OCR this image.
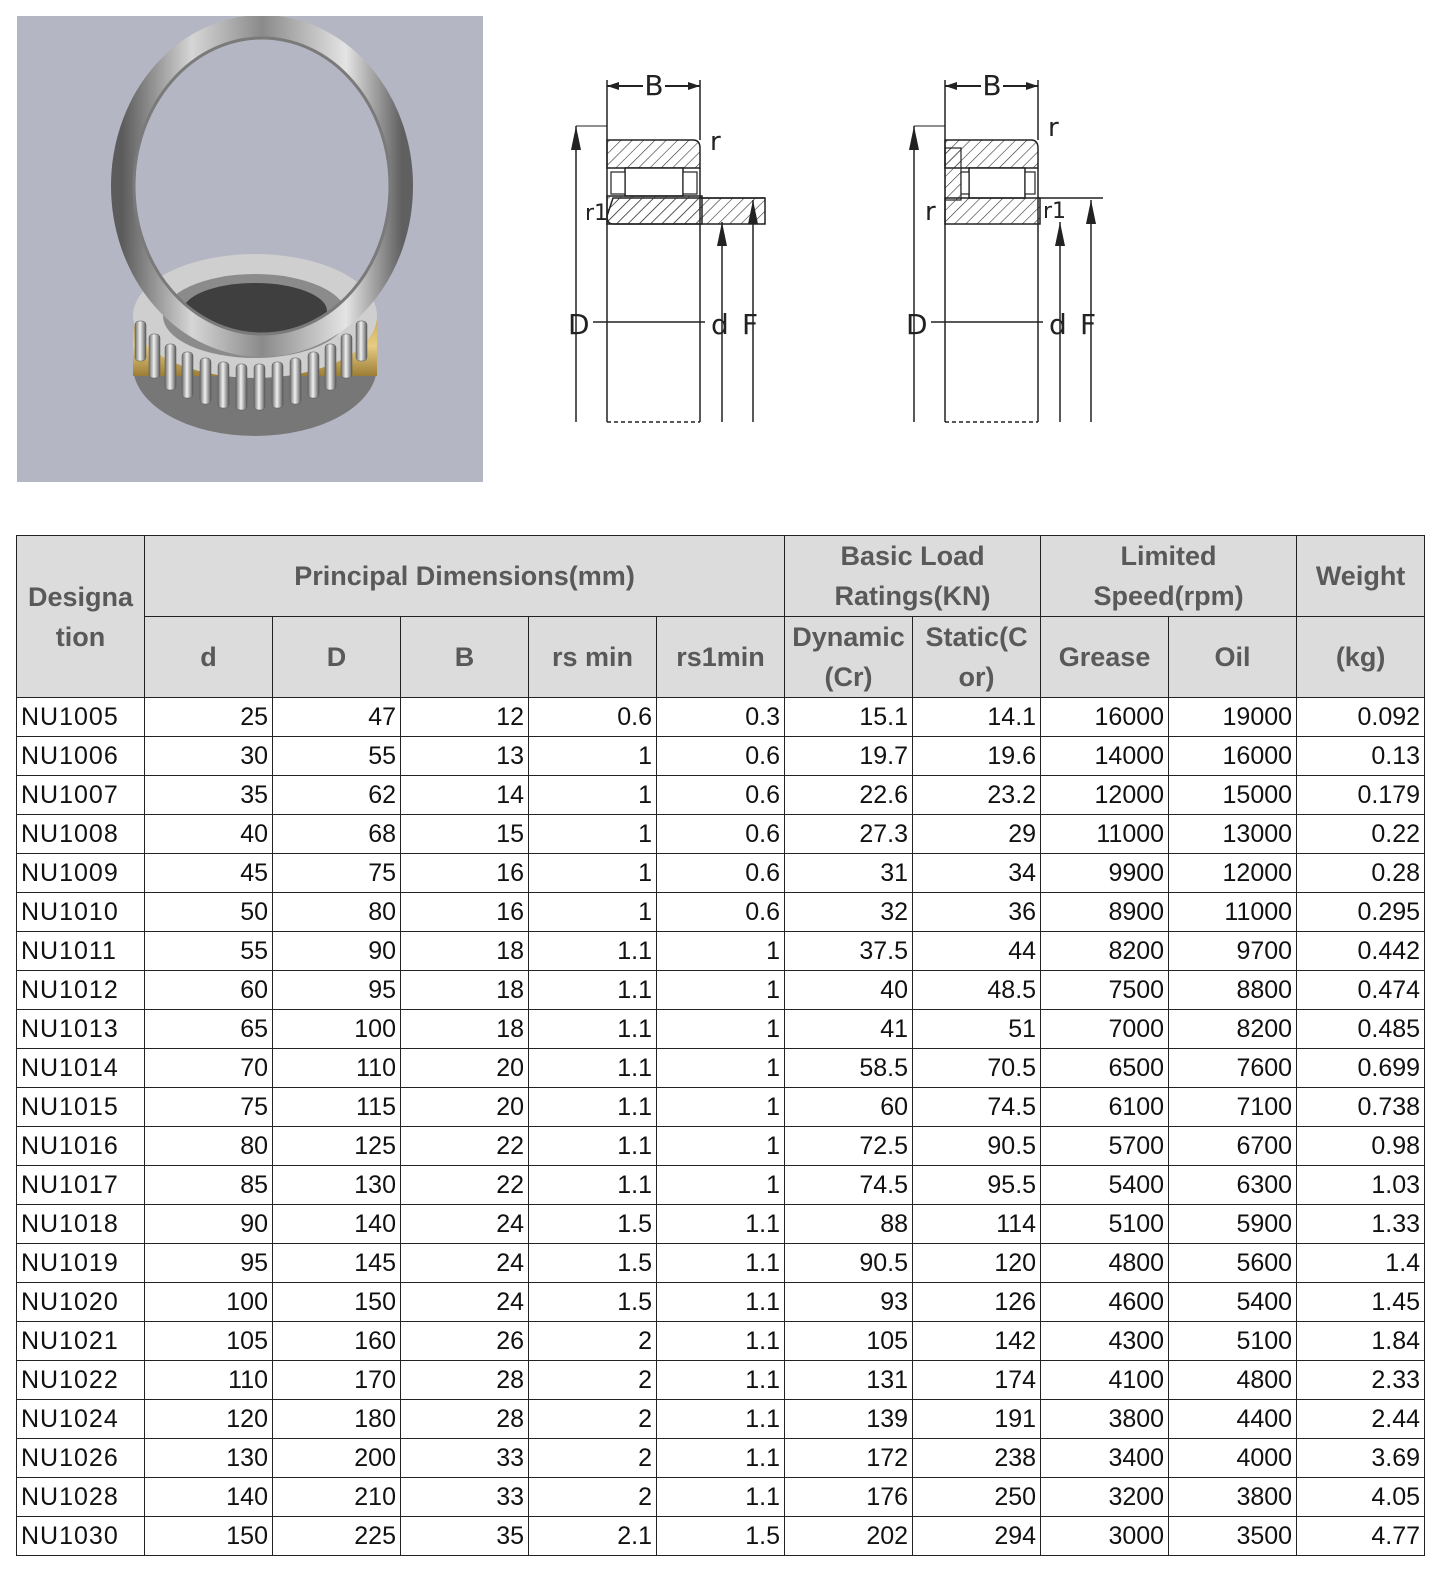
B
r
r1
D	d F
B
r
r	r1
D	d F
Designa tion	Principal Dimensions(mm)					Basic Load Ratings(KN)		Limited Speed(rpm)		Weight
	d	D	B	rs min	rs1min	Dynamic (Cr)	Static(C or)	Grease	Oil	(kg)
NU1005	25	47	12	0.6	0.3	15.1	14.1	16000	19000	0.092
NU1006	30	55	13	1	0.6	19.7	19.6	14000	16000	0.13
NU1007	35	62	14	1	0.6	22.6	23.2	12000	15000	0.179
NU1008	40	68	15	1	0.6	27.3	29	11000	13000	0.22
NU1009	45	75	16	1	0.6	31	34	9900	12000	0.28
NU1010	50	80	16	1	0.6	32	36	8900	11000	0.295
NU1011	55	90	18	1.1	1	37.5	44	8200	9700	0.442
NU1012	60	95	18	1.1	1	40	48.5	7500	8800	0.474
NU1013	65	100	18	1.1	1	41	51	7000	8200	0.485
NU1014	70	110	20	1.1	1	58.5	70.5	6500	7600	0.699
NU1015	75	115	20	1.1	1	60	74.5	6100	7100	0.738
NU1016	80	125	22	1.1	1	72.5	90.5	5700	6700	0.98
NU1017	85	130	22	1.1	1	74.5	95.5	5400	6300	1.03
NU1018	90	140	24	1.5	1.1	88	114	5100	5900	1.33
NU1019	95	145	24	1.5	1.1	90.5	120	4800	5600	1.4
NU1020	100	150	24	1.5	1.1	93	126	4600	5400	1.45
NU1021	105	160	26	2	1.1	105	142	4300	5100	1.84
NU1022	110	170	28	2	1.1	131	174	4100	4800	2.33
NU1024	120	180	28	2	1.1	139	191	3800	4400	2.44
NU1026	130	200	33	2	1.1	172	238	3400	4000	3.69
NU1028	140	210	33	2	1.1	176	250	3200	3800	4.05
NU1030	150	225	35	2.1	1.5	202	294	3000	3500	4.77
